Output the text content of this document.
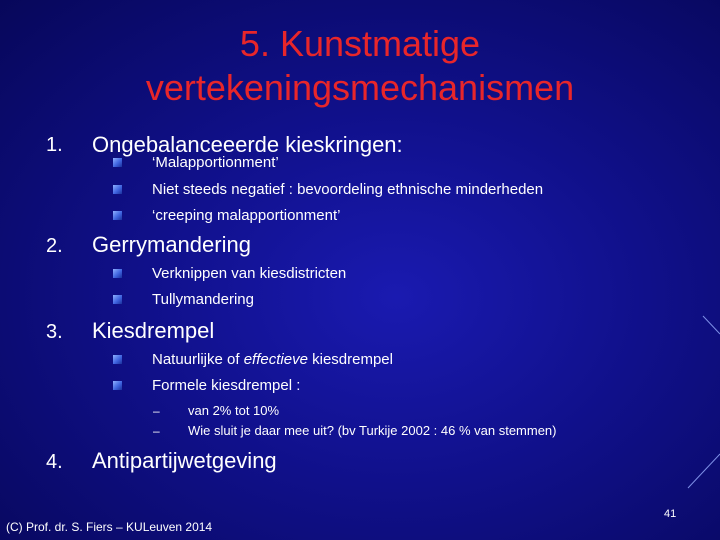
5. Kunstmatige
vertekeningsmechanismen
1. Ongebalanceeerde kieskringen:
‘Malapportionment’
Niet steeds negatief : bevoordeling ethnische minderheden
‘creeping malapportionment’
2. Gerrymandering
Verknippen van kiesdistricten
Tullymandering
3. Kiesdrempel
Natuurlijke of effectieve kiesdrempel
Formele kiesdrempel :
– van 2% tot 10%
– Wie sluit je daar mee uit? (bv Turkije 2002 : 46 % van stemmen)
4. Antipartijwetgeving
(C) Prof. dr. S. Fiers – KULeuven 2014
41
